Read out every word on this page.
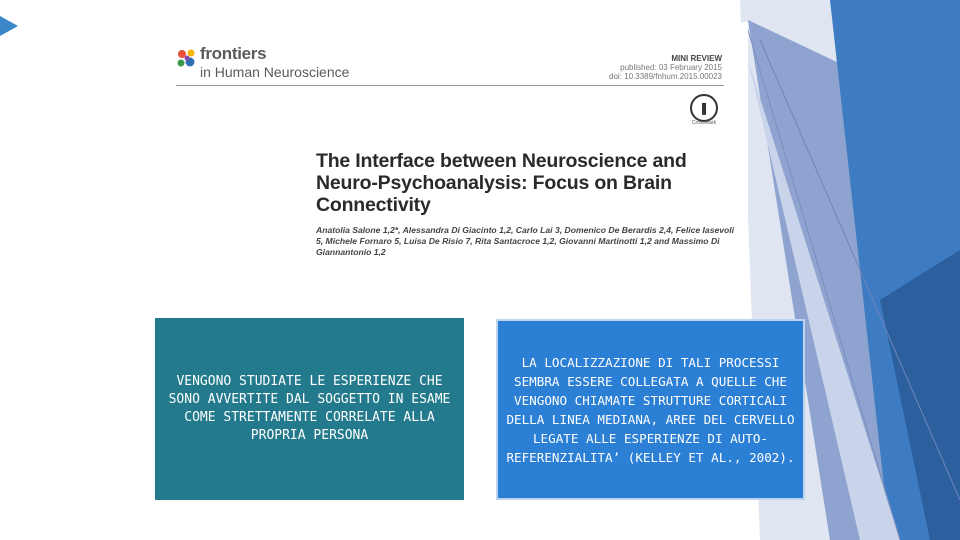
frontiers
in Human Neuroscience
MINI REVIEW
published: 03 February 2015
doi: 10.3389/fnhum.2015.00023
❚
CrossMark
The Interface between Neuroscience and Neuro-Psychoanalysis: Focus on Brain Connectivity
Anatolia Salone 1,2*, Alessandra Di Giacinto 1,2, Carlo Lai 3, Domenico De Berardis 2,4, Felice Iasevoli 5, Michele Fornaro 5, Luisa De Risio 7, Rita Santacroce 1,2, Giovanni Martinotti 1,2 and Massimo Di Giannantonio 1,2
VENGONO STUDIATE LE ESPERIENZE CHE SONO AVVERTITE DAL SOGGETTO IN ESAME COME STRETTAMENTE CORRELATE ALLA PROPRIA PERSONA
LA LOCALIZZAZIONE DI TALI PROCESSI SEMBRA ESSERE COLLEGATA A QUELLE CHE VENGONO CHIAMATE STRUTTURE CORTICALI DELLA LINEA MEDIANA, AREE DEL CERVELLO LEGATE ALLE ESPERIENZE DI AUTO-REFERENZIALITA’ (KELLEY ET AL., 2002).
